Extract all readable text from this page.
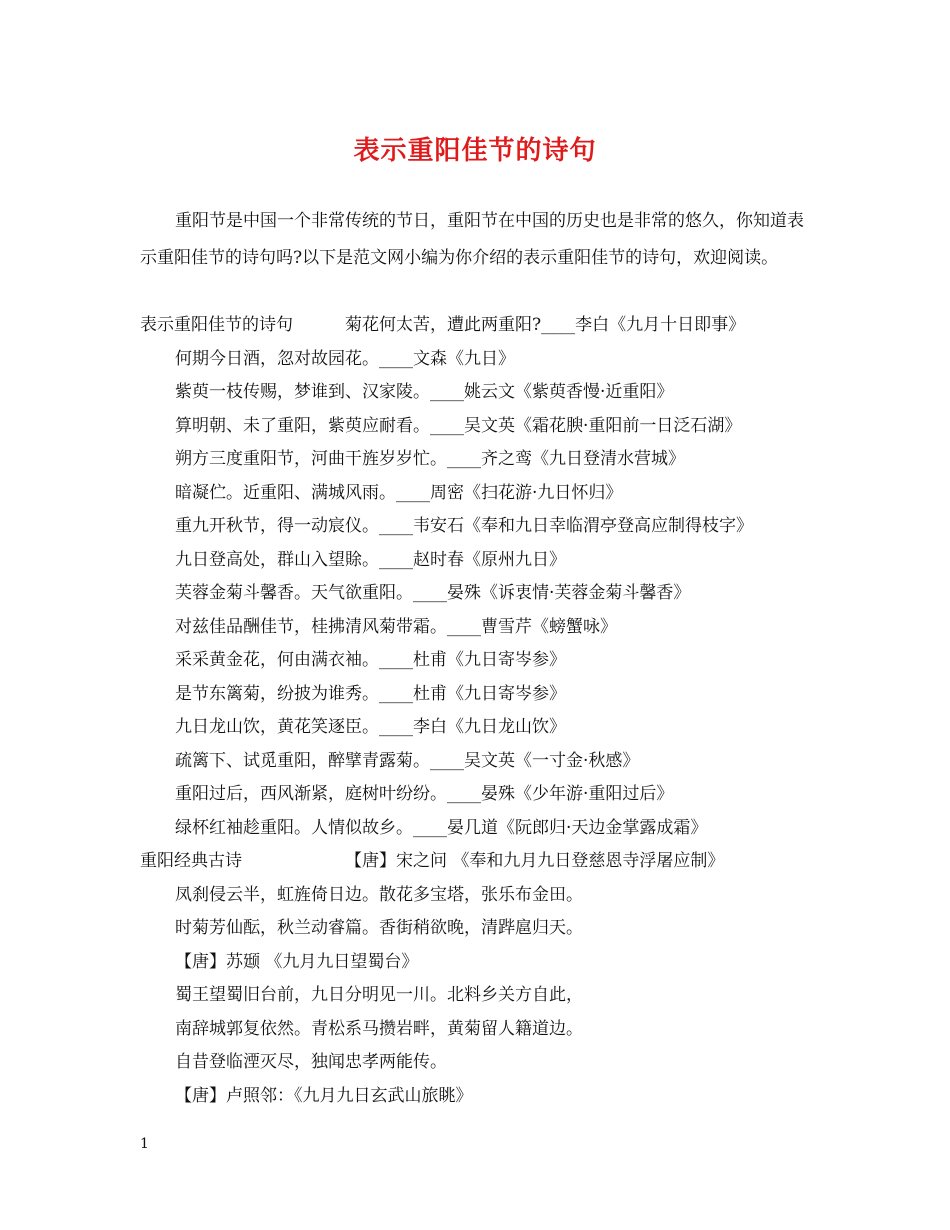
表示重阳佳节的诗句
重阳节是中国一个非常传统的节日，重阳节在中国的历史也是非常的悠久，你知道表示重阳佳节的诗句吗?以下是范文网小编为你介绍的表示重阳佳节的诗句，欢迎阅读。
表示重阳佳节的诗句	菊花何太苦，遭此两重阳?____李白《九月十日即事》
何期今日酒，忽对故园花。____文森《九日》
紫萸一枝传赐，梦谁到、汉家陵。____姚云文《紫萸香慢·近重阳》
算明朝、未了重阳，紫萸应耐看。____吴文英《霜花腴·重阳前一日泛石湖》
朔方三度重阳节，河曲干旌岁岁忙。____齐之鸾《九日登清水营城》
暗凝伫。近重阳、满城风雨。____周密《扫花游·九日怀归》
重九开秋节，得一动宸仪。____韦安石《奉和九日幸临渭亭登高应制得枝字》
九日登高处，群山入望賖。____赵时春《原州九日》
芙蓉金菊斗馨香。天气欲重阳。____晏殊《诉衷情·芙蓉金菊斗馨香》
对兹佳品酬佳节，桂拂清风菊带霜。____曹雪芹《螃蟹咏》
采采黄金花，何由满衣袖。____杜甫《九日寄岑参》
是节东篱菊，纷披为谁秀。____杜甫《九日寄岑参》
九日龙山饮，黄花笑逐臣。____李白《九日龙山饮》
疏篱下、试觅重阳，醉擘青露菊。____吴文英《一寸金·秋感》
重阳过后，西风渐紧，庭树叶纷纷。____晏殊《少年游·重阳过后》
绿杯红袖趁重阳。人情似故乡。____晏几道《阮郎归·天边金掌露成霜》
重阳经典古诗	【唐】宋之问 《奉和九月九日登慈恩寺浮屠应制》
凤刹侵云半，虹旌倚日边。散花多宝塔，张乐布金田。
时菊芳仙酝，秋兰动睿篇。香街稍欲晚，清跸扈归天。
【唐】苏颋 《九月九日望蜀台》
蜀王望蜀旧台前，九日分明见一川。北料乡关方自此，
南辞城郭复依然。青松系马攒岩畔，黄菊留人籍道边。
自昔登临湮灭尽，独闻忠孝两能传。
【唐】卢照邻：《九月九日玄武山旅眺》
1
